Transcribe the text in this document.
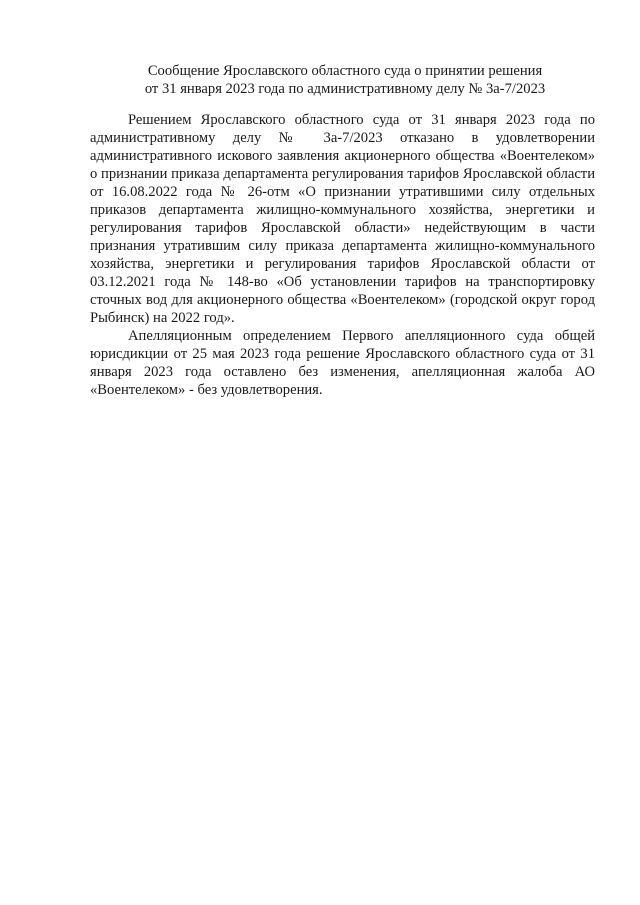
Сообщение Ярославского областного суда о принятии решения
от 31 января 2023 года по административному делу № 3а-7/2023

Решением Ярославского областного суда от 31 января 2023 года по административному делу № 3а-7/2023 отказано в удовлетворении административного искового заявления акционерного общества «Воентелеком» о признании приказа департамента регулирования тарифов Ярославской области от 16.08.2022 года № 26-отм «О признании утратившими силу отдельных приказов департамента жилищно-коммунального хозяйства, энергетики и регулирования тарифов Ярославской области» недействующим в части признания утратившим силу приказа департамента жилищно-коммунального хозяйства, энергетики и регулирования тарифов Ярославской области от 03.12.2021 года № 148-во «Об установлении тарифов на транспортировку сточных вод для акционерного общества «Воентелеком» (городской округ город Рыбинск) на 2022 год».

Апелляционным определением Первого апелляционного суда общей юрисдикции от 25 мая 2023 года решение Ярославского областного суда от 31 января 2023 года оставлено без изменения, апелляционная жалоба АО «Воентелеком» - без удовлетворения.
